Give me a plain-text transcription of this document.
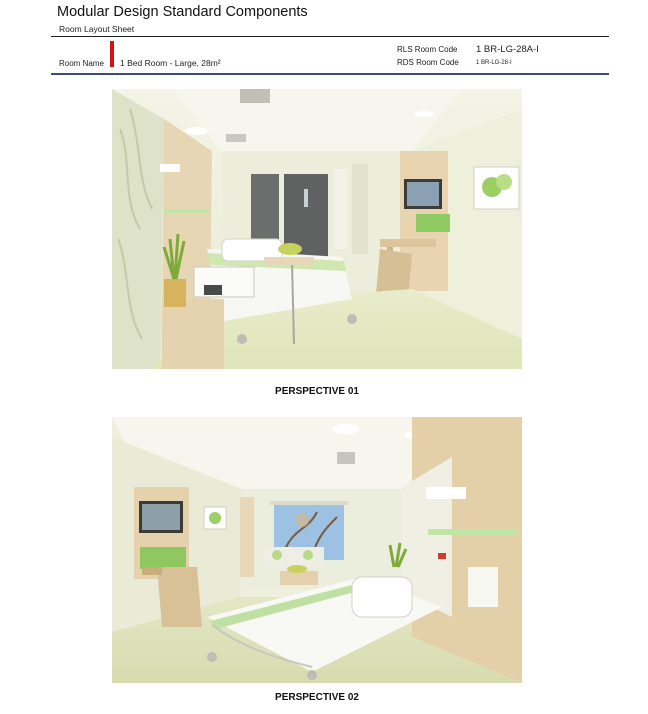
Modular Design Standard Components
Room Layout Sheet
Room Name 1 Bed Room - Large, 28m²
RLS Room Code 1 BR-LG-28A-I
RDS Room Code	1 BR-LG-28-I
PERSPECTIVE 01
PERSPECTIVE 02
